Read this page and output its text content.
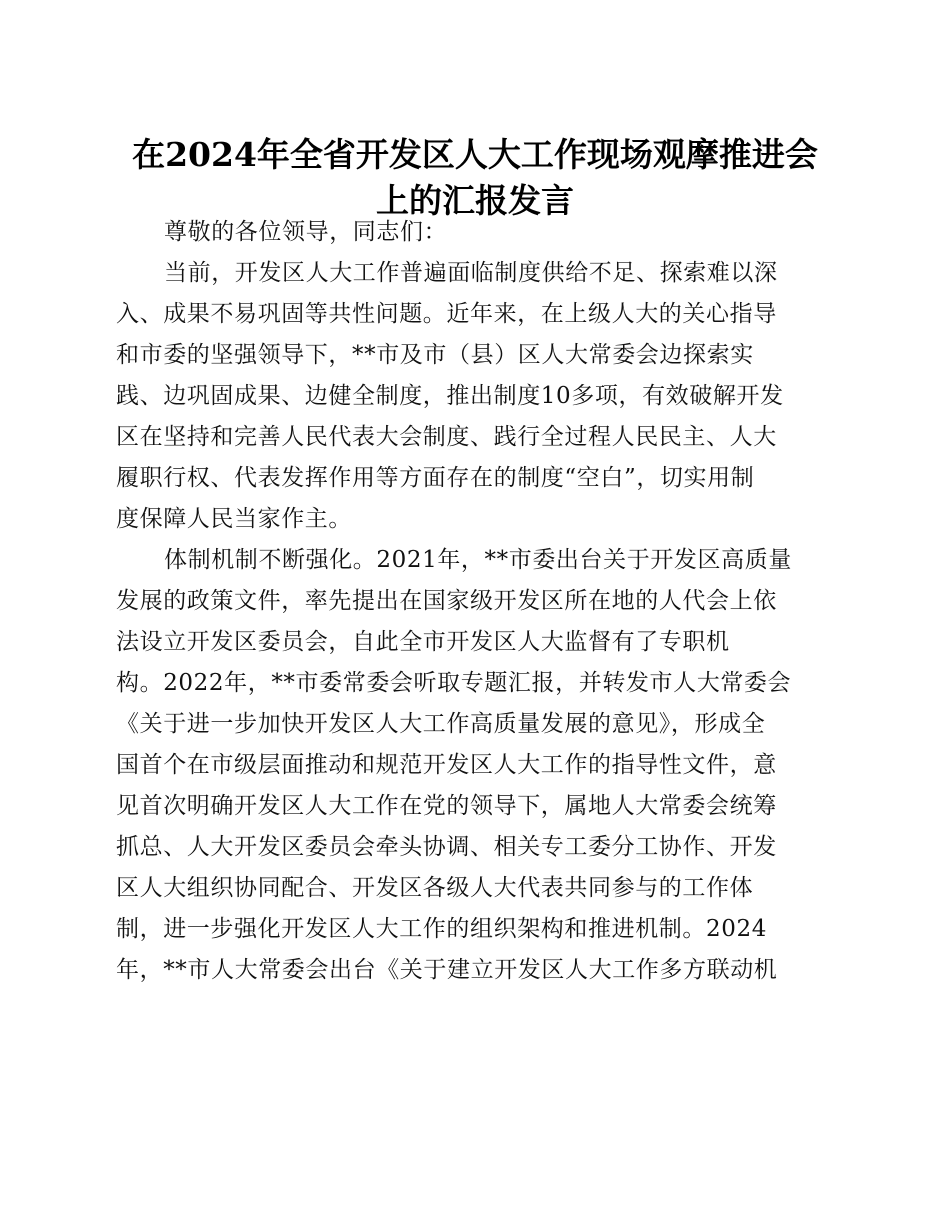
在2024年全省开发区人大工作现场观摩推进会
上的汇报发言
尊敬的各位领导，同志们：
当前，开发区人大工作普遍面临制度供给不足、探索难以深
入、成果不易巩固等共性问题。近年来，在上级人大的关心指导
和市委的坚强领导下，**市及市（县）区人大常委会边探索实
践、边巩固成果、边健全制度，推出制度10多项，有效破解开发
区在坚持和完善人民代表大会制度、践行全过程人民民主、人大
履职行权、代表发挥作用等方面存在的制度“空白”，切实用制
度保障人民当家作主。
体制机制不断强化。2021年，**市委出台关于开发区高质量
发展的政策文件，率先提出在国家级开发区所在地的人代会上依
法设立开发区委员会，自此全市开发区人大监督有了专职机
构。2022年，**市委常委会听取专题汇报，并转发市人大常委会
《关于进一步加快开发区人大工作高质量发展的意见》，形成全
国首个在市级层面推动和规范开发区人大工作的指导性文件，意
见首次明确开发区人大工作在党的领导下，属地人大常委会统筹
抓总、人大开发区委员会牵头协调、相关专工委分工协作、开发
区人大组织协同配合、开发区各级人大代表共同参与的工作体
制，进一步强化开发区人大工作的组织架构和推进机制。2024
年，**市人大常委会出台《关于建立开发区人大工作多方联动机
